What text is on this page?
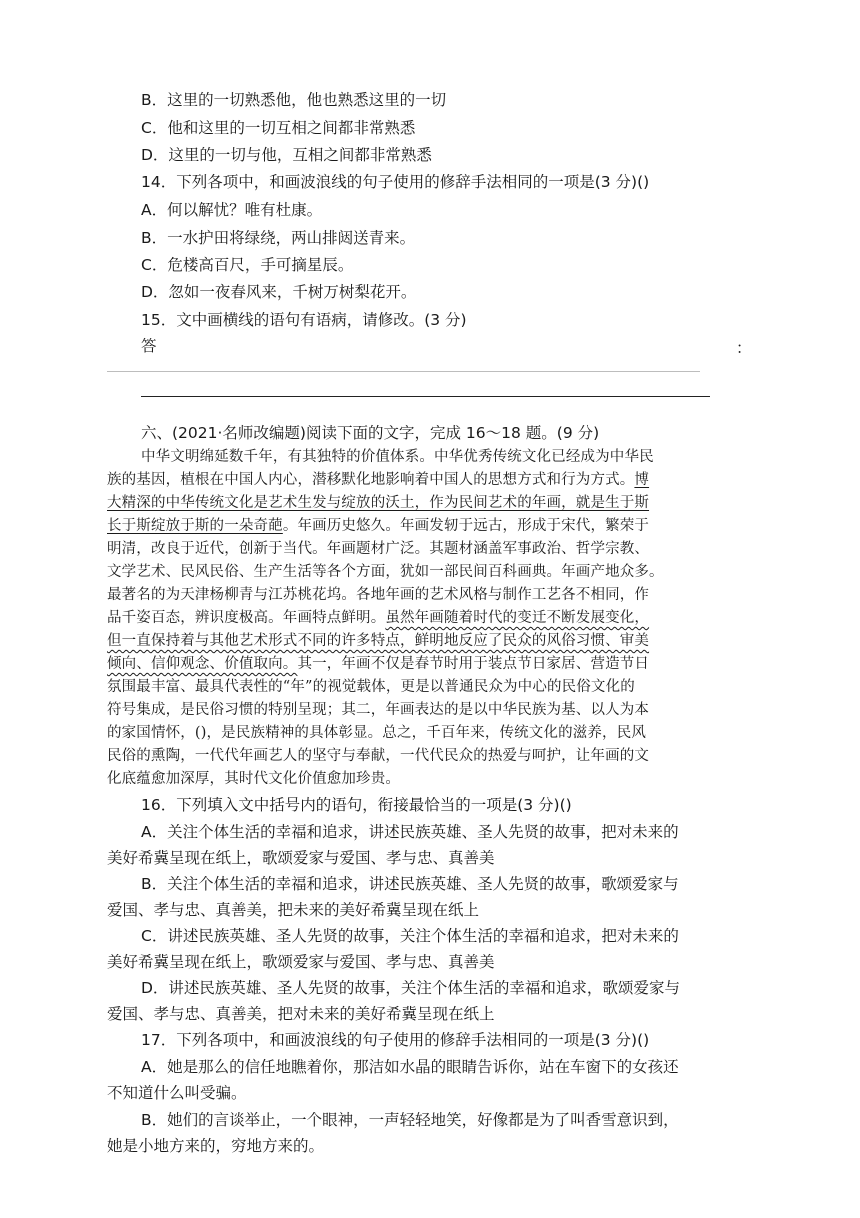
B．这里的一切熟悉他，他也熟悉这里的一切
C．他和这里的一切互相之间都非常熟悉
D．这里的一切与他，互相之间都非常熟悉
14．下列各项中，和画波浪线的句子使用的修辞手法相同的一项是(3 分)()
A．何以解忧？唯有杜康。
B．一水护田将绿绕，两山排闼送青来。
C．危楼高百尺，手可摘星辰。
D．忽如一夜春风来，千树万树梨花开。
15．文中画横线的语句有语病，请修改。(3 分)
答	：
六、(2021·名师改编题)阅读下面的文字，完成 16～18 题。(9 分)
中华文明绵延数千年，有其独特的价值体系。中华优秀传统文化已经成为中华民
族的基因，植根在中国人内心，潜移默化地影响着中国人的思想方式和行为方式。博
大精深的中华传统文化是艺术生发与绽放的沃土，作为民间艺术的年画，就是生于斯
长于斯绽放于斯的一朵奇葩。年画历史悠久。年画发轫于远古，形成于宋代，繁荣于
明清，改良于近代，创新于当代。年画题材广泛。其题材涵盖军事政治、哲学宗教、
文学艺术、民风民俗、生产生活等各个方面，犹如一部民间百科画典。年画产地众多。
最著名的为天津杨柳青与江苏桃花坞。各地年画的艺术风格与制作工艺各不相同，作
品千姿百态，辨识度极高。年画特点鲜明。虽然年画随着时代的变迁不断发展变化，
但一直保持着与其他艺术形式不同的许多特点，鲜明地反应了民众的风俗习惯、审美
倾向、信仰观念、价值取向。其一，年画不仅是春节时用于装点节日家居、营造节日
氛围最丰富、最具代表性的“年”的视觉载体，更是以普通民众为中心的民俗文化的
符号集成，是民俗习惯的特别呈现；其二，年画表达的是以中华民族为基、以人为本
的家国情怀，()，是民族精神的具体彰显。总之，千百年来，传统文化的滋养，民风
民俗的熏陶，一代代年画艺人的坚守与奉献，一代代民众的热爱与呵护，让年画的文
化底蕴愈加深厚，其时代文化价值愈加珍贵。
16．下列填入文中括号内的语句，衔接最恰当的一项是(3 分)()
A．关注个体生活的幸福和追求，讲述民族英雄、圣人先贤的故事，把对未来的
美好希冀呈现在纸上，歌颂爱家与爱国、孝与忠、真善美
B．关注个体生活的幸福和追求，讲述民族英雄、圣人先贤的故事，歌颂爱家与
爱国、孝与忠、真善美，把未来的美好希冀呈现在纸上
C．讲述民族英雄、圣人先贤的故事，关注个体生活的幸福和追求，把对未来的
美好希冀呈现在纸上，歌颂爱家与爱国、孝与忠、真善美
D．讲述民族英雄、圣人先贤的故事，关注个体生活的幸福和追求，歌颂爱家与
爱国、孝与忠、真善美，把对未来的美好希冀呈现在纸上
17．下列各项中，和画波浪线的句子使用的修辞手法相同的一项是(3 分)()
A．她是那么的信任地瞧着你，那洁如水晶的眼睛告诉你，站在车窗下的女孩还
不知道什么叫受骗。
B．她们的言谈举止，一个眼神，一声轻轻地笑，好像都是为了叫香雪意识到，
她是小地方来的，穷地方来的。
